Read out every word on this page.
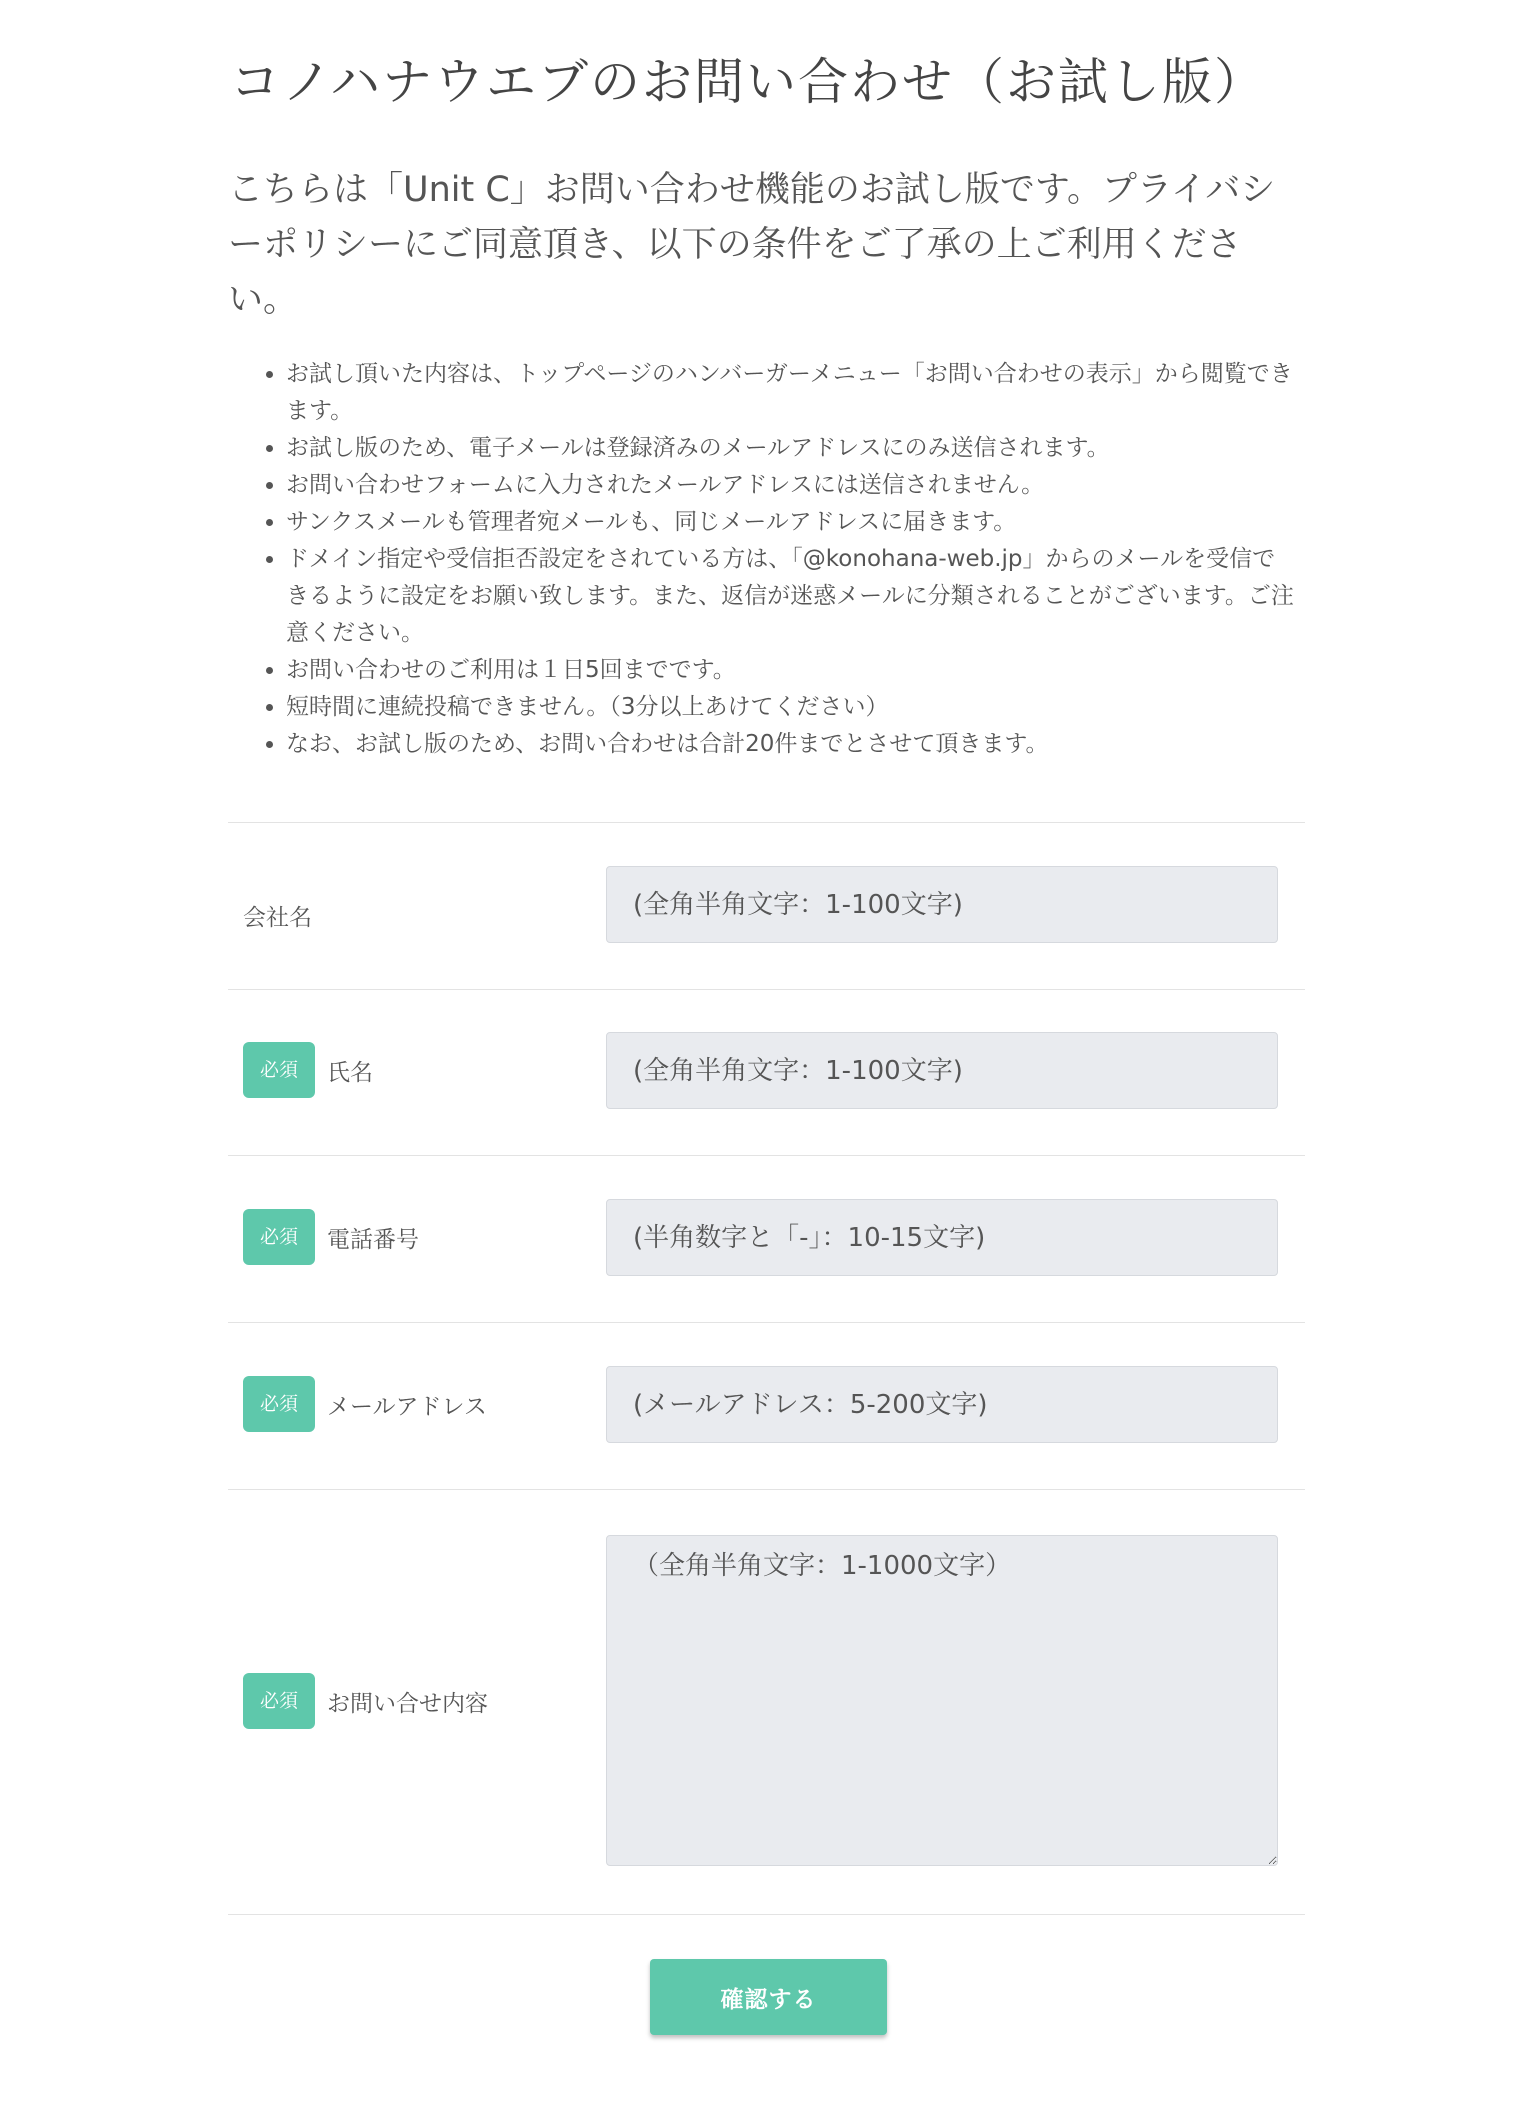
コノハナウエブのお問い合わせ（お試し版）

こちらは「Unit C」お問い合わせ機能のお試し版です。プライバシーポリシーにご同意頂き、以下の条件をご了承の上ご利用ください。

• お試し頂いた内容は、トップページのハンバーガーメニュー「お問い合わせの表示」から閲覧できます。
• お試し版のため、電子メールは登録済みのメールアドレスにのみ送信されます。
• お問い合わせフォームに入力されたメールアドレスには送信されません。
• サンクスメールも管理者宛メールも、同じメールアドレスに届きます。
• ドメイン指定や受信拒否設定をされている方は、「@konohana-web.jp」からのメールを受信できるように設定をお願い致します。また、返信が迷惑メールに分類されることがございます。ご注意ください。
• お問い合わせのご利用は１日5回までです。
• 短時間に連続投稿できません。（3分以上あけてください）
• なお、お試し版のため、お問い合わせは合計20件までとさせて頂きます。
会社名
(全角半角文字：1-100文字)
必須	氏名
(全角半角文字：1-100文字)
必須	電話番号
(半角数字と「-」：10-15文字)
必須	メールアドレス
(メールアドレス：5-200文字)
必須	お問い合せ内容
（全角半角文字：1-1000文字）
確認する
